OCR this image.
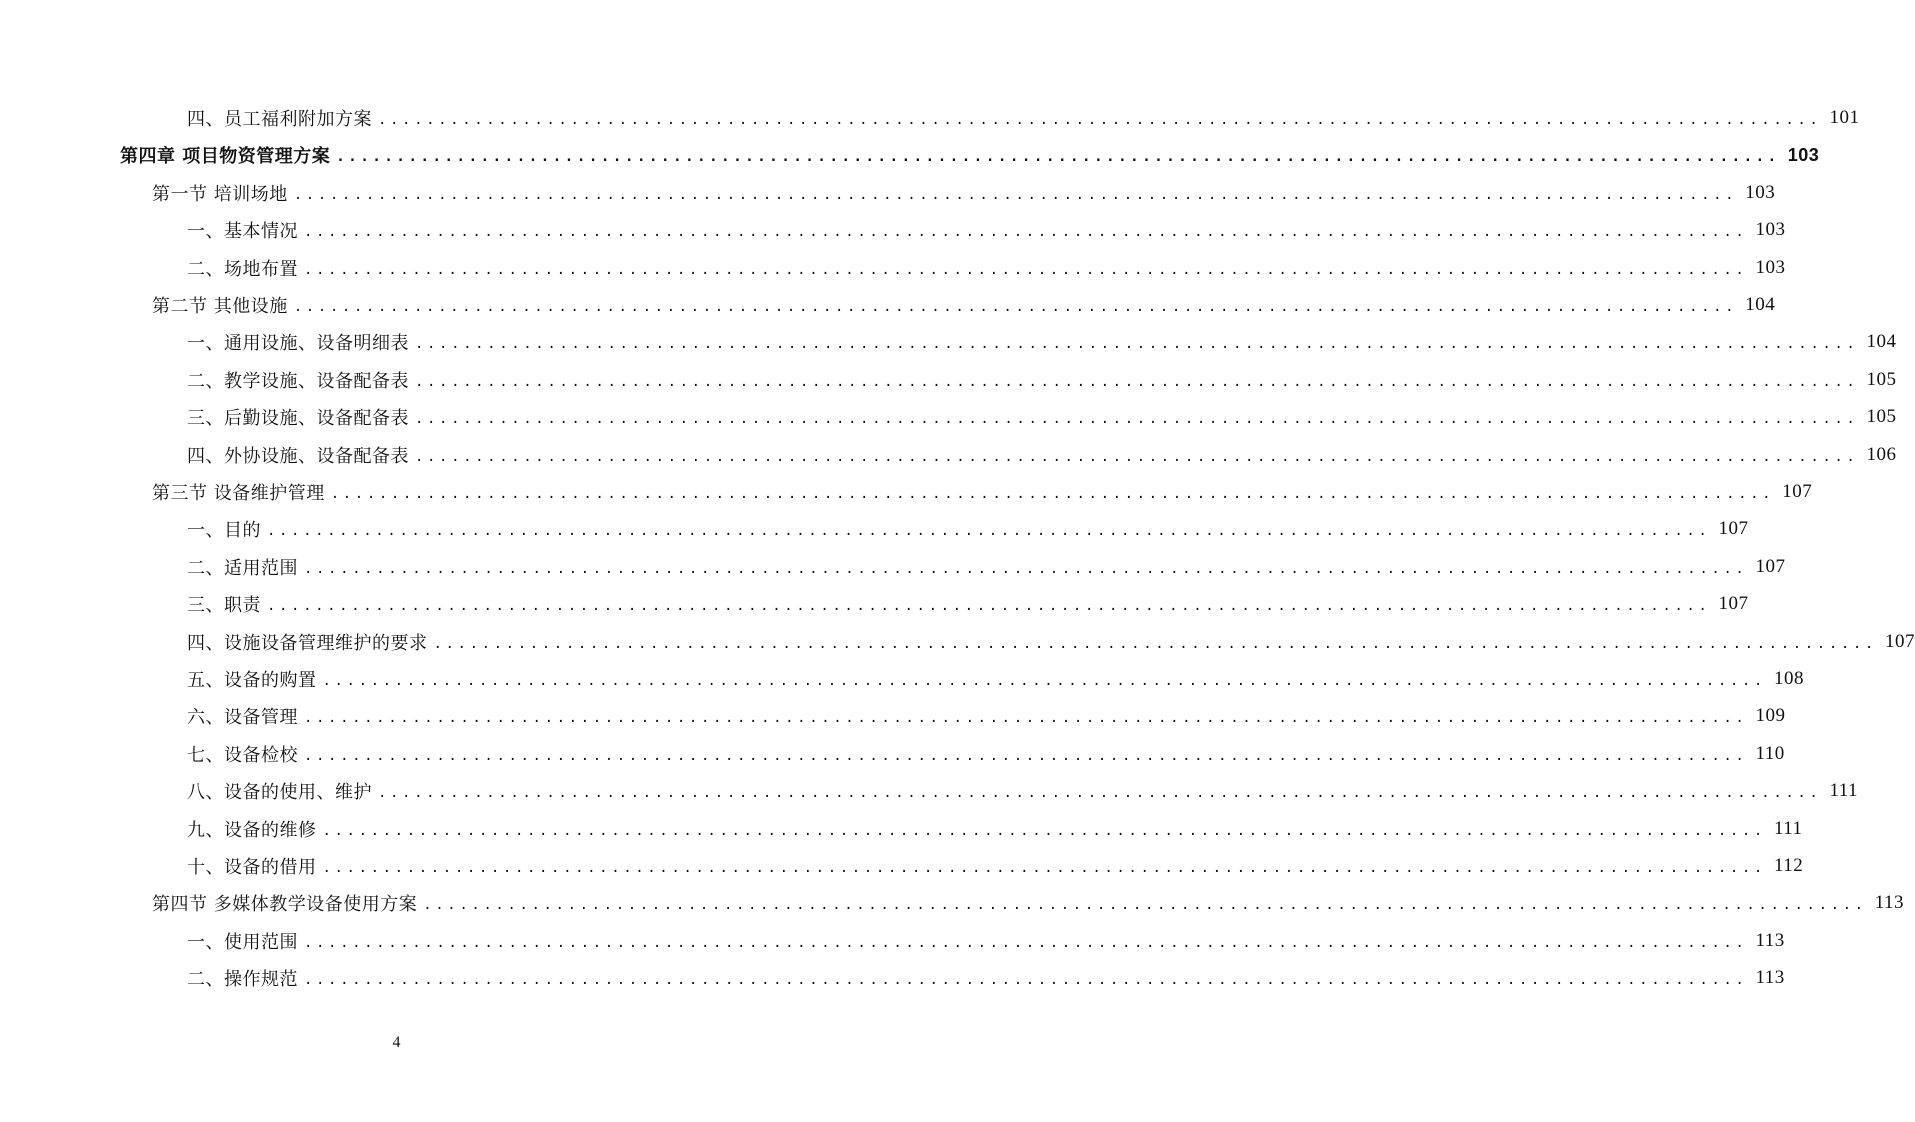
四、员工福利附加方案 ........................................................................................................................ 101
第四章 项目物资管理方案 ........................................................................................................................ 103
第一节 培训场地 ........................................................................................................................ 103
一、基本情况 ........................................................................................................................ 103
二、场地布置 ........................................................................................................................ 103
第二节 其他设施 ........................................................................................................................ 104
一、通用设施、设备明细表 ........................................................................................................................ 104
二、教学设施、设备配备表 ........................................................................................................................ 105
三、后勤设施、设备配备表 ........................................................................................................................ 105
四、外协设施、设备配备表 ........................................................................................................................ 106
第三节 设备维护管理 ........................................................................................................................ 107
一、目的 ........................................................................................................................ 107
二、适用范围 ........................................................................................................................ 107
三、职责 ........................................................................................................................ 107
四、设施设备管理维护的要求 ........................................................................................................................ 107
五、设备的购置 ........................................................................................................................ 108
六、设备管理 ........................................................................................................................ 109
七、设备检校 ........................................................................................................................ 110
八、设备的使用、维护 ........................................................................................................................ 111
九、设备的维修 ........................................................................................................................ 111
十、设备的借用 ........................................................................................................................ 112
第四节 多媒体教学设备使用方案 ........................................................................................................................ 113
一、使用范围 ........................................................................................................................ 113
二、操作规范 ........................................................................................................................ 113
4
